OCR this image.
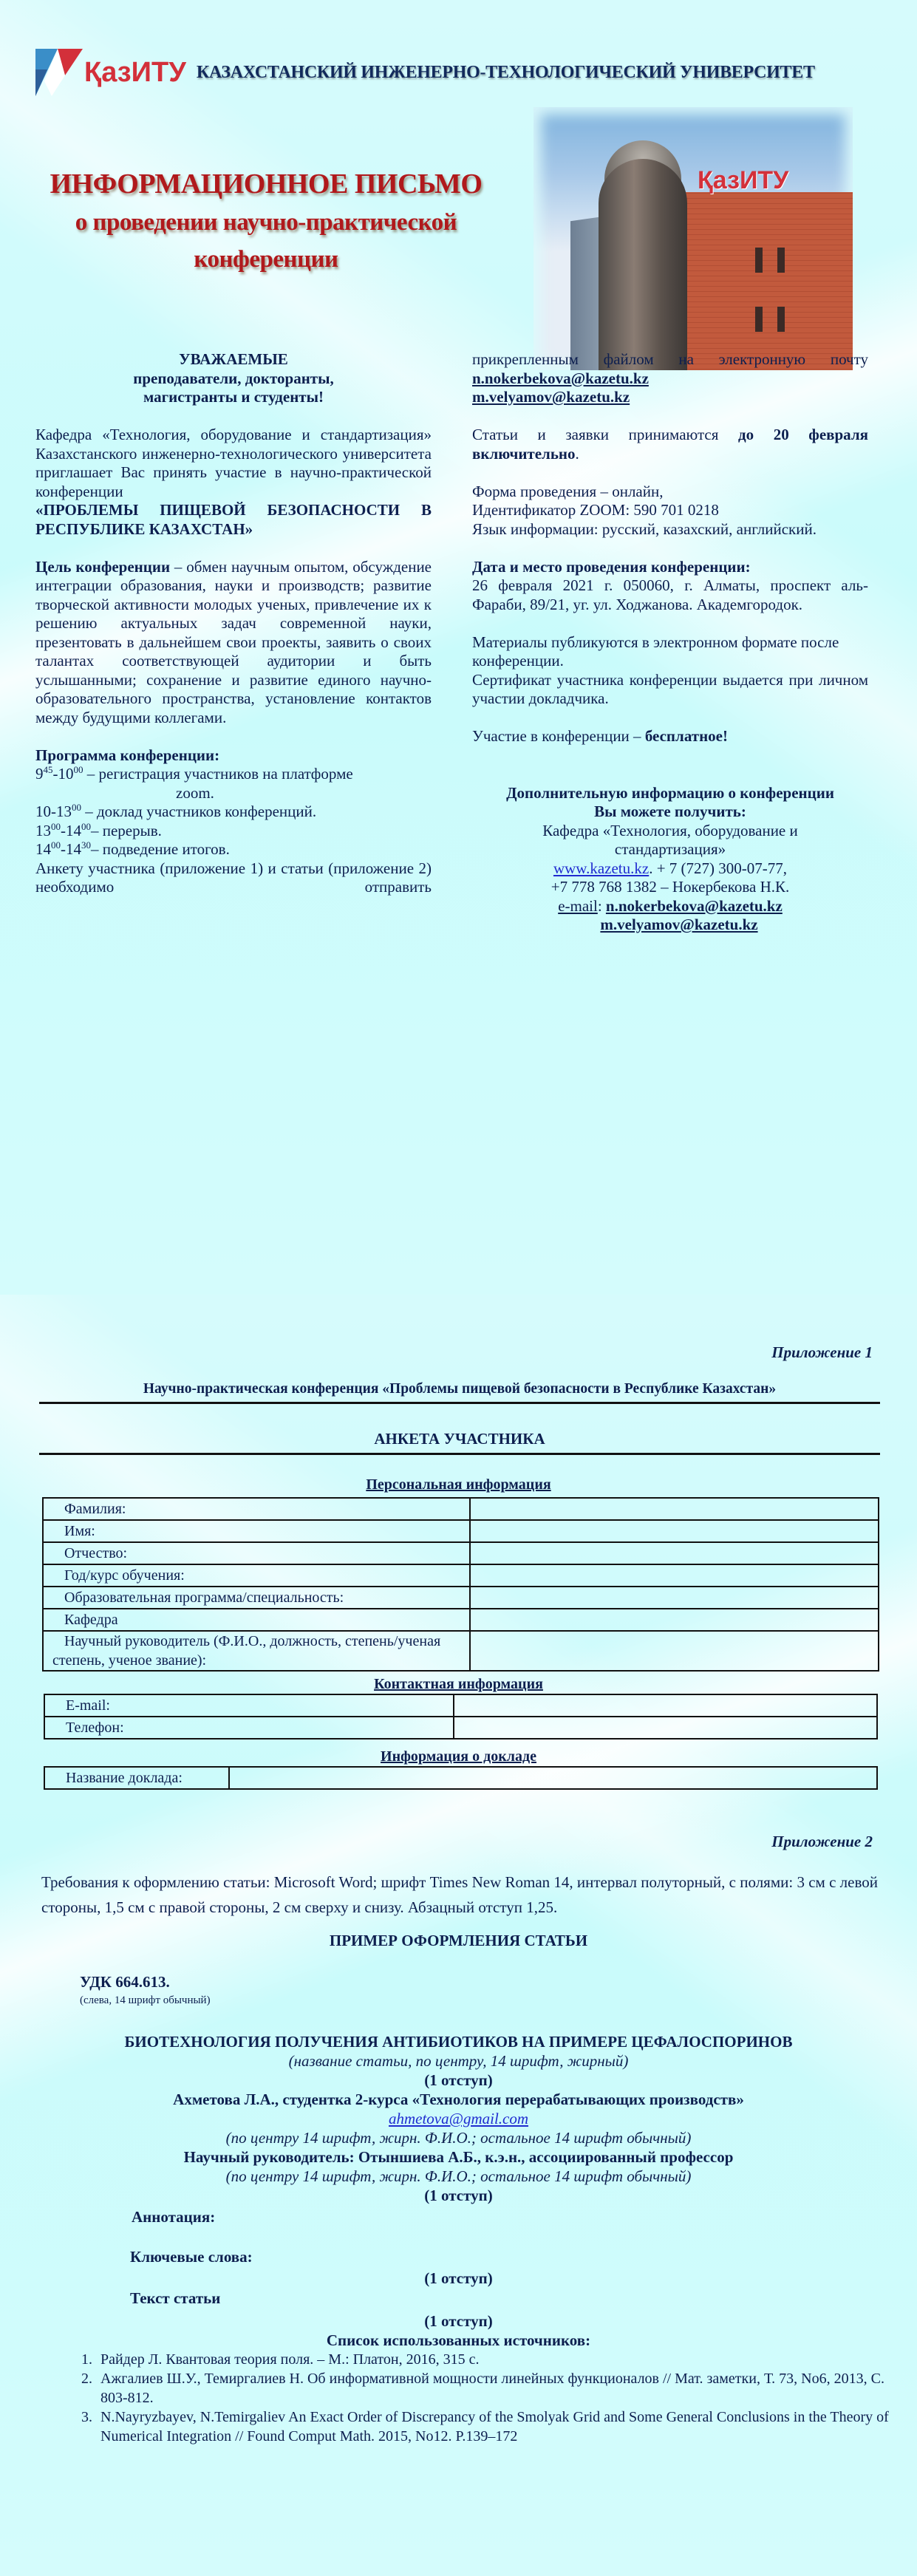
ҚазИТУ КАЗАХСТАНСКИЙ ИНЖЕНЕРНО-ТЕХНОЛОГИЧЕСКИЙ УНИВЕРСИТЕТ
ИНФОРМАЦИОННОЕ ПИСЬМО
о проведении научно-практической
конференции
ҚазИТУ
УВАЖАЕМЫЕ
преподаватели, докторанты,
магистранты и студенты!
Кафедра «Технология, оборудование и стандартизация» Казахстанского инженерно-технологического университета приглашает Вас принять участие в научно-практической конференции
«ПРОБЛЕМЫ ПИЩЕВОЙ БЕЗОПАСНОСТИ В РЕСПУБЛИКЕ КАЗАХСТАН»
Цель конференции – обмен научным опытом, обсуждение интеграции образования, науки и производств; развитие творческой активности молодых ученых, привлечение их к решению актуальных задач современной науки, презентовать в дальнейшем свои проекты, заявить о своих талантах соответствующей аудитории и быть услышанными; сохранение и развитие единого научно-образовательного пространства, установление контактов между будущими коллегами.
Программа конференции:
$9^{45}-10^{00}$ – регистрация участников на платформе
zoom.
$10-13^{00}$ – доклад участников конференций.
$13^{00}-14^{00}-$ перерыв.
$14^{00}-14^{30}-$ подведение итогов.
Анкету участника (приложение 1) и статьи (приложение 2) необходимо отправить
прикрепленным файлом на электронную почту
n.nokerbekova@kazetu.kz
m.velyamov@kazetu.kz
Статьи и заявки принимаются до 20 февраля включительно.
Форма проведения – онлайн,
Идентификатор ZOOM: 590 701 0218
Язык информации: русский, казахский, английский.
Дата и место проведения конференции:
26 февраля 2021 г. 050060, г. Алматы, проспект аль-Фараби, 89/21, уг. ул. Ходжанова. Академгородок.
Материалы публикуются в электронном формате после конференции.
Сертификат участника конференции выдается при личном участии докладчика.
Участие в конференции – бесплатное!
Дополнительную информацию о конференции
Вы можете получить:
Кафедра «Технология, оборудование и
стандартизация»
www.kazetu.kz. + 7 (727) 300-07-77,
+7 778 768 1382 – Нокербекова Н.К.
e-mail: n.nokerbekova@kazetu.kz
m.velyamov@kazetu.kz
Приложение 1
Научно-практическая конференция «Проблемы пищевой безопасности в Республике Казахстан»
АНКЕТА УЧАСТНИКА
Персональная информация
Фамилия:	
Имя:	
Отчество:	
Год/курс обучения:	
Образовательная программа/специальность:	
Кафедра	
Научный руководитель (Ф.И.О., должность, степень/ученая степень, ученое звание):	
Контактная информация
E-mail:	
Телефон:	
Информация о докладе
Название доклада:	
Приложение 2
Требования к оформлению статьи: Microsoft Word; шрифт Times New Roman 14, интервал полуторный, с полями: 3 см с левой стороны, 1,5 см с правой стороны, 2 см сверху и снизу. Абзацный отступ 1,25.
ПРИМЕР ОФОРМЛЕНИЯ СТАТЬИ
УДК 664.613.
(слева, 14 шрифт обычный)
БИОТЕХНОЛОГИЯ ПОЛУЧЕНИЯ АНТИБИОТИКОВ НА ПРИМЕРЕ ЦЕФАЛОСПОРИНОВ
(название статьи, по центру, 14 шрифт, жирный)
(1 отступ)
Ахметова Л.А., студентка 2-курса «Технология перерабатывающих производств»
ahmetova@gmail.com
(по центру 14 шрифт, жирн. Ф.И.О.; остальное 14 шрифт обычный)
Научный руководитель: Отыншиева А.Б., к.э.н., ассоциированный профессор
(по центру 14 шрифт, жирн. Ф.И.О.; остальное 14 шрифт обычный)
(1 отступ)
Аннотация:
Ключевые слова:
(1 отступ)
Текст статьи
(1 отступ)
Список использованных источников:
1. Райдер Л. Квантовая теория поля. – М.: Платон, 2016, 315 с.
2. Ажгалиев Ш.У., Темиргалиев Н. Об информативной мощности линейных функционалов // Мат. заметки, Т. 73, No6, 2013, С. 803-812.
3. N.Nayryzbayev, N.Temirgaliev An Exact Order of Discrepancy of the Smolyak Grid and Some General Conclusions in the Theory of Numerical Integration // Found Comput Math. 2015, No12. P.139–172
